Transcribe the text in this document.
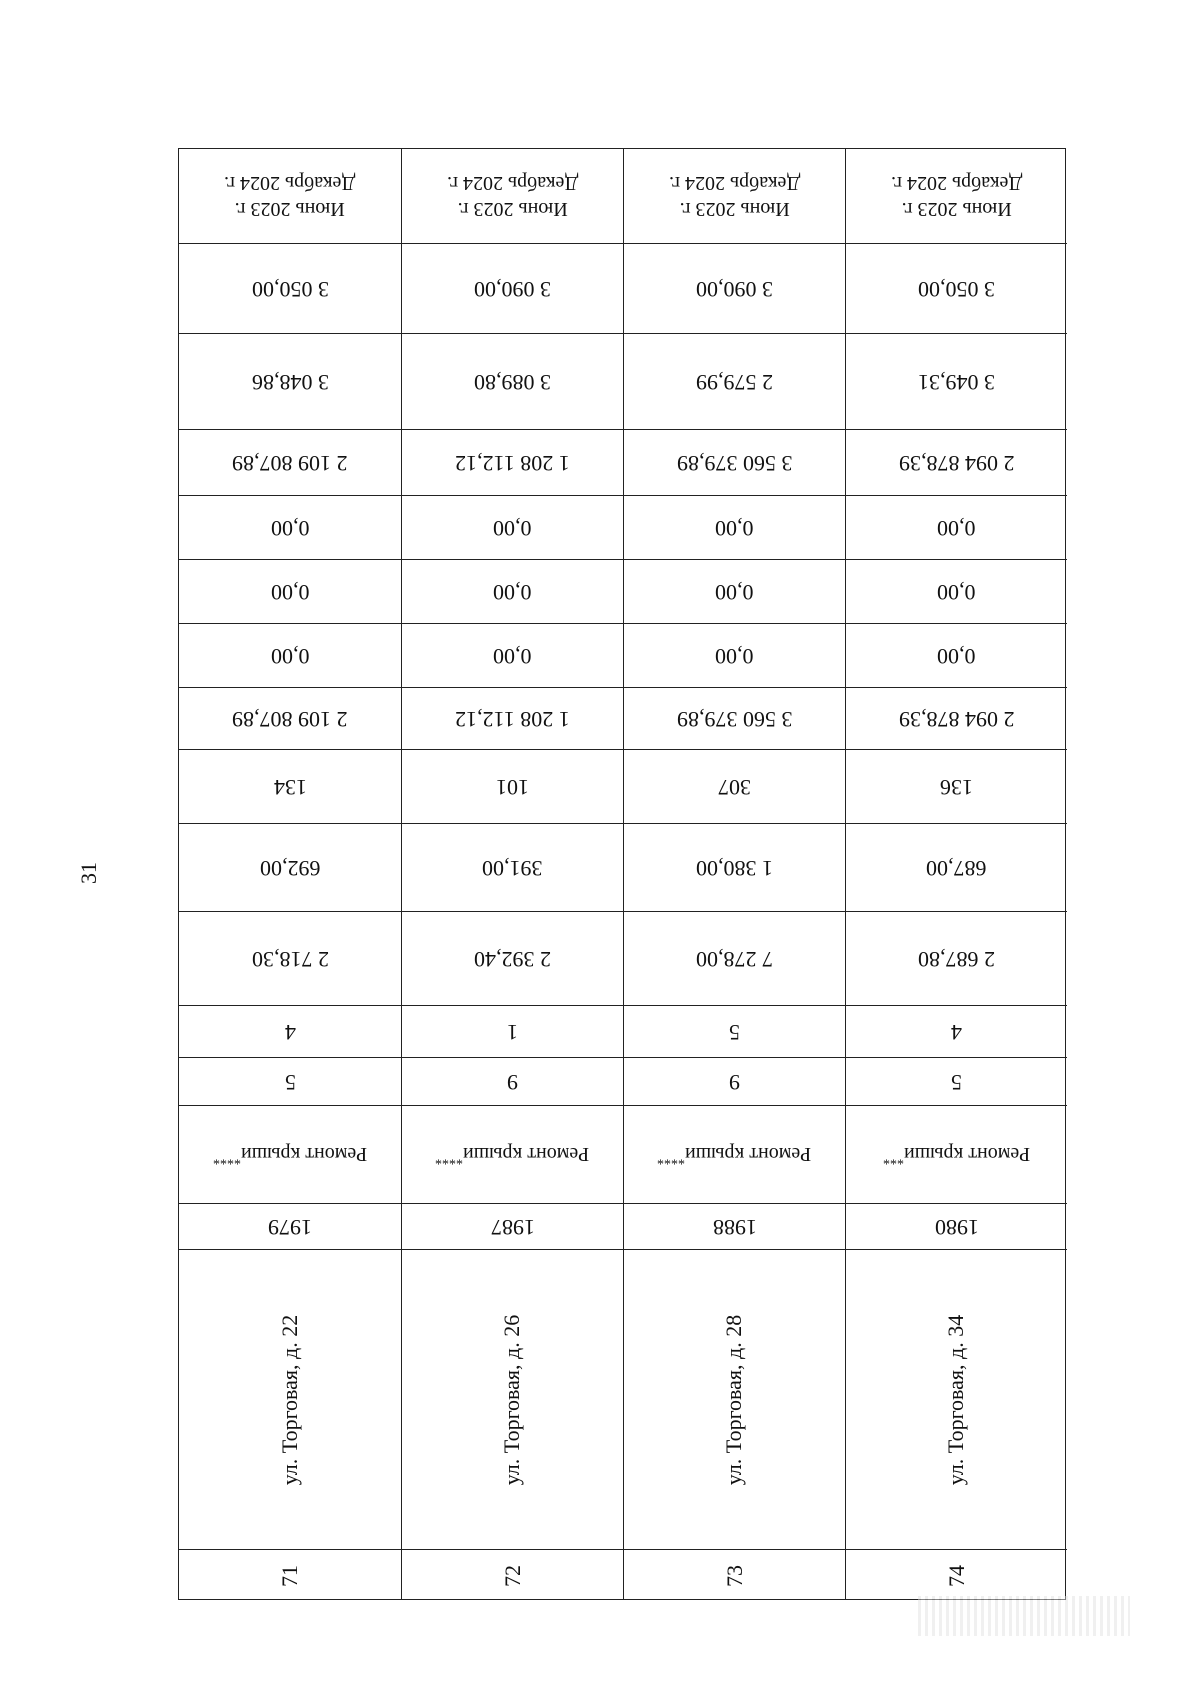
31
Июнь 2023 г.
Декабрь 2024 г.
3 050,00
3 048,86
2 109 807,89
0,00
0,00
0,00
2 109 807,89
134
692,00
2 718,30
4
5
Ремонт крыши****
1979
ул. Торговая, д. 22
71
Июнь 2023 г.
Декабрь 2024 г.
3 090,00
3 089,80
1 208 112,12
0,00
0,00
0,00
1 208 112,12
101
391,00
2 392,40
1
9
Ремонт крыши****
1987
ул. Торговая, д. 26
72
Июнь 2023 г.
Декабрь 2024 г.
3 090,00
2 579,99
3 560 379,89
0,00
0,00
0,00
3 560 379,89
307
1 380,00
7 278,00
5
9
Ремонт крыши****
1988
ул. Торговая, д. 28
73
Июнь 2023 г.
Декабрь 2024 г.
3 050,00
3 049,31
2 094 878,39
0,00
0,00
0,00
2 094 878,39
136
687,00
2 687,80
4
5
Ремонт крыши***
1980
ул. Торговая, д. 34
74
